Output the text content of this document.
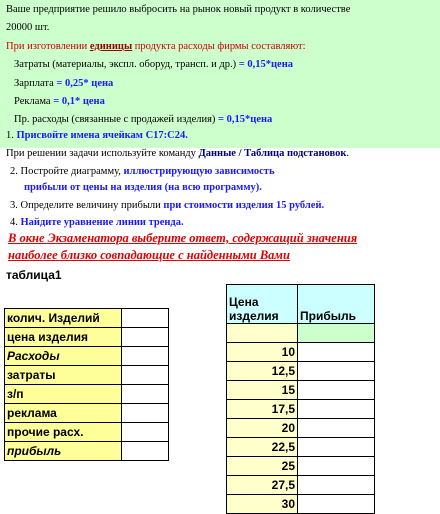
Ваше предприятие решило выбросить на рынок новый продукт в количестве
20000 шт.
При изготовлении единицы продукта расходы фирмы составляют:
Затраты (материалы, экспл. оборуд, трансп. и др.) = 0,15*цена
Зарплата = 0,25* цена
Реклама = 0,1* цена
Пр. расходы (связанные с продажей изделия) = 0,15*цена
1. Присвойте имена ячейкам С17:С24.
При решении задачи используйте команду Данные / Таблица подстановок.
2. Постройте диаграмму, иллюстрирующую зависимость
прибыли от цены на изделия (на всю программу).
3. Определите величину прибыли при стоимости изделия 15 рублей.
4. Найдите уравнение линии тренда.
В окне Экзаменатора выберите ответ, содержащий значения
наиболее близко совпадающие с найденными Вами
таблица1
колич. Изделий	
цена изделия	
Расходы	
затраты	
з/п	
реклама	
прочие расх.	
прибыль	
Цена
изделия	Прибыль

10	
12,5	
15	
17,5	
20	
22,5	
25	
27,5	
30	
